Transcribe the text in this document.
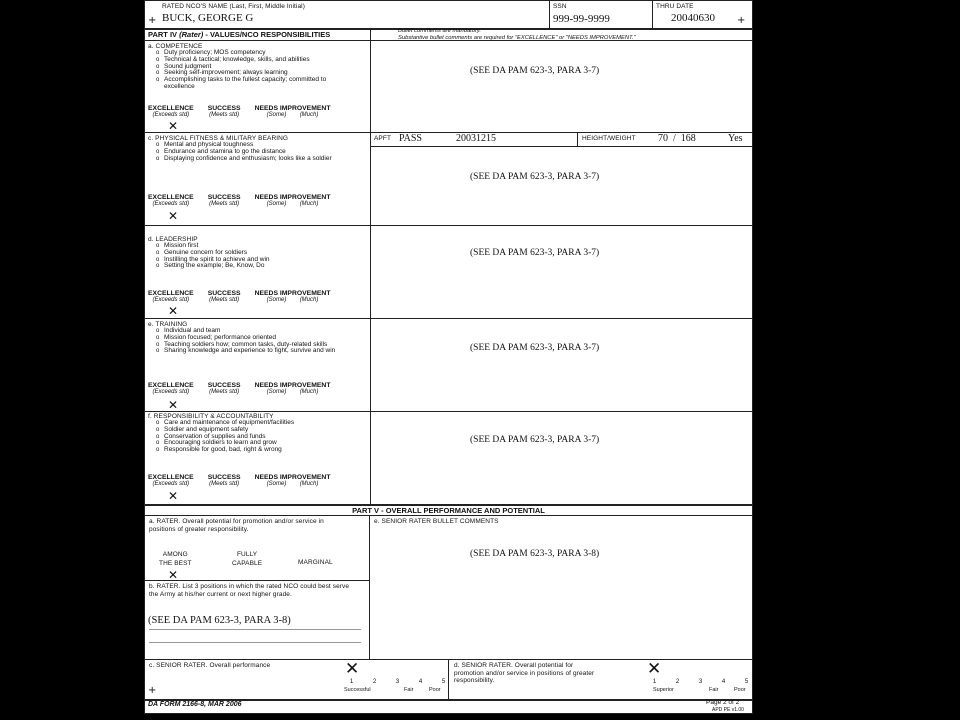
RATED NCO'S NAME (Last, First, Middle Initial)
BUCK, GEORGE G
+
SSN
999-99-9999
THRU DATE
20040630 +
PART IV (Rater) - VALUES/NCO RESPONSIBILITIES	Bullet comments are mandatory.
Substantive bullet comments are required for "EXCELLENCE" or "NEEDS IMPROVEMENT."
a. COMPETENCE
o Duty proficiency; MOS competency
o Technical & tactical; knowledge, skills, and abilities
o Sound judgment
o Seeking self-improvement; always learning
o Accomplishing tasks to the fullest capacity; committed to excellence
EXCELLENCE
(Exceeds std)
SUCCESS
(Meets std)
NEEDS IMPROVEMENT
(Some) (Much)
✕
(SEE DA PAM 623-3, PARA 3-7)
c. PHYSICAL FITNESS & MILITARY BEARING
o Mental and physical toughness
o Endurance and stamina to go the distance
o Displaying confidence and enthusiasm; looks like a soldier
APFT PASS	20031215	HEIGHT/WEIGHT 70 / 168	Yes
EXCELLENCE
(Exceeds std)
SUCCESS
(Meets std)
NEEDS IMPROVEMENT
(Some) (Much)
✕
(SEE DA PAM 623-3, PARA 3-7)
d. LEADERSHIP
o Mission first
o Genuine concern for soldiers
o Instilling the spirit to achieve and win
o Setting the example; Be, Know, Do
EXCELLENCE
(Exceeds std)
SUCCESS
(Meets std)
NEEDS IMPROVEMENT
(Some) (Much)
✕
(SEE DA PAM 623-3, PARA 3-7)
e. TRAINING
o Individual and team
o Mission focused; performance oriented
o Teaching soldiers how; common tasks, duty-related skills
o Sharing knowledge and experience to fight, survive and win
EXCELLENCE
(Exceeds std)
SUCCESS
(Meets std)
NEEDS IMPROVEMENT
(Some) (Much)
✕
(SEE DA PAM 623-3, PARA 3-7)
f. RESPONSIBILITY & ACCOUNTABILITY
o Care and maintenance of equipment/facilities
o Soldier and equipment safety
o Conservation of supplies and funds
o Encouraging soldiers to learn and grow
o Responsible for good, bad, right & wrong
EXCELLENCE
(Exceeds std)
SUCCESS
(Meets std)
NEEDS IMPROVEMENT
(Some) (Much)
✕
(SEE DA PAM 623-3, PARA 3-7)
PART V - OVERALL PERFORMANCE AND POTENTIAL
a. RATER. Overall potential for promotion and/or service in positions of greater responsibility.
AMONG
THE BEST
FULLY
CAPABLE	MARGINAL
✕
b. RATER. List 3 positions in which the rated NCO could best serve the Army at his/her current or next higher grade.
(SEE DA PAM 623-3, PARA 3-8)
e. SENIOR RATER BULLET COMMENTS
(SEE DA PAM 623-3, PARA 3-8)
c. SENIOR RATER. Overall performance	✕
1	2	3	4	5
Successful	Fair	Poor
d. SENIOR RATER. Overall potential for promotion and/or service in positions of greater responsibility.
✕
1	2	3	4	5
Superior	Fair	Poor
+
DA FORM 2166-8, MAR 2006	Page 2 of 2
APD PE v1.00
